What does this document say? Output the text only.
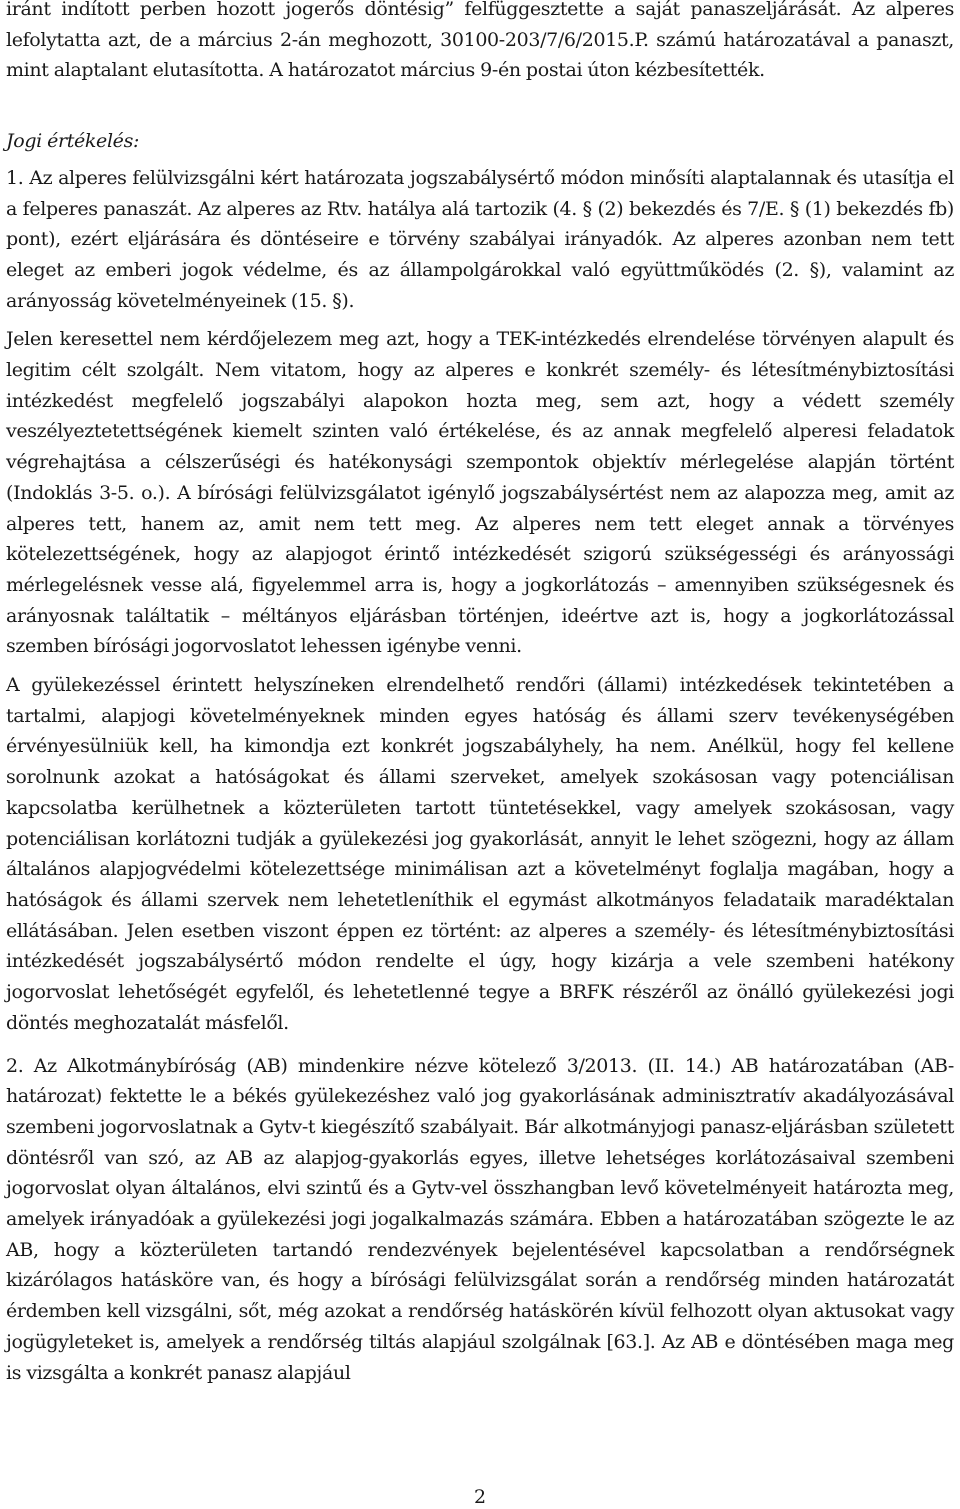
iránt indított perben hozott jogerős döntésig” felfüggesztette a saját panaszeljárását. Az alperes lefolytatta azt, de a március 2-án meghozott, 30100-203/7/6/2015.P. számú határozatával a panaszt, mint alaptalant elutasította. A határozatot március 9-én postai úton kézbesítették.

Jogi értékelés:

1. Az alperes felülvizsgálni kért határozata jogszabálysértő módon minősíti alaptalannak és utasítja el a felperes panaszát. Az alperes az Rtv. hatálya alá tartozik (4. § (2) bekezdés és 7/E. § (1) bekezdés fb) pont), ezért eljárására és döntéseire e törvény szabályai irányadók. Az alperes azonban nem tett eleget az emberi jogok védelme, és az állampolgárokkal való együttműködés (2. §), valamint az arányosság követelményeinek (15. §).

Jelen keresettel nem kérdőjelezem meg azt, hogy a TEK-intézkedés elrendelése törvényen alapult és legitim célt szolgált. Nem vitatom, hogy az alperes e konkrét személy- és létesítménybiztosítási intézkedést megfelelő jogszabályi alapokon hozta meg, sem azt, hogy a védett személy veszélyeztetettségének kiemelt szinten való értékelése, és az annak megfelelő alperesi feladatok végrehajtása a célszerűségi és hatékonysági szempontok objektív mérlegelése alapján történt (Indoklás 3-5. o.). A bírósági felülvizsgálatot igénylő jogszabálysértést nem az alapozza meg, amit az alperes tett, hanem az, amit nem tett meg. Az alperes nem tett eleget annak a törvényes kötelezettségének, hogy az alapjogot érintő intézkedését szigorú szükségességi és arányossági mérlegelésnek vesse alá, figyelemmel arra is, hogy a jogkorlátozás – amennyiben szükségesnek és arányosnak találtatik – méltányos eljárásban történjen, ideértve azt is, hogy a jogkorlátozással szemben bírósági jogorvoslatot lehessen igénybe venni.

A gyülekezéssel érintett helyszíneken elrendelhető rendőri (állami) intézkedések tekintetében a tartalmi, alapjogi követelményeknek minden egyes hatóság és állami szerv tevékenységében érvényesülniük kell, ha kimondja ezt konkrét jogszabályhely, ha nem. Anélkül, hogy fel kellene sorolnunk azokat a hatóságokat és állami szerveket, amelyek szokásosan vagy potenciálisan kapcsolatba kerülhetnek a közterületen tartott tüntetésekkel, vagy amelyek szokásosan, vagy potenciálisan korlátozni tudják a gyülekezési jog gyakorlását, annyit le lehet szögezni, hogy az állam általános alapjogvédelmi kötelezettsége minimálisan azt a követelményt foglalja magában, hogy a hatóságok és állami szervek nem lehetetleníthik el egymást alkotmányos feladataik maradéktalan ellátásában. Jelen esetben viszont éppen ez történt: az alperes a személy- és létesítménybiztosítási intézkedését jogszabálysértő módon rendelte el úgy, hogy kizárja a vele szembeni hatékony jogorvoslat lehetőségét egyfelől, és lehetetlenné tegye a BRFK részéről az önálló gyülekezési jogi döntés meghozatalát másfelől.

2. Az Alkotmánybíróság (AB) mindenkire nézve kötelező 3/2013. (II. 14.) AB határozatában (AB-határozat) fektette le a békés gyülekezéshez való jog gyakorlásának adminisztratív akadályozásával szembeni jogorvoslatnak a Gytv-t kiegészítő szabályait. Bár alkotmányjogi panasz-eljárásban született döntésről van szó, az AB az alapjog-gyakorlás egyes, illetve lehetséges korlátozásaival szembeni jogorvoslat olyan általános, elvi szintű és a Gytv-vel összhangban levő követelményeit határozta meg, amelyek irányadóak a gyülekezési jogi jogalkalmazás számára. Ebben a határozatában szögezte le az AB, hogy a közterületen tartandó rendezvények bejelentésével kapcsolatban a rendőrségnek kizárólagos hatásköre van, és hogy a bírósági felülvizsgálat során a rendőrség minden határozatát érdemben kell vizsgálni, sőt, még azokat a rendőrség hatáskörén kívül felhozott olyan aktusokat vagy jogügyleteket is, amelyek a rendőrség tiltás alapjául szolgálnak [63.]. Az AB e döntésében maga meg is vizsgálta a konkrét panasz alapjául

2
